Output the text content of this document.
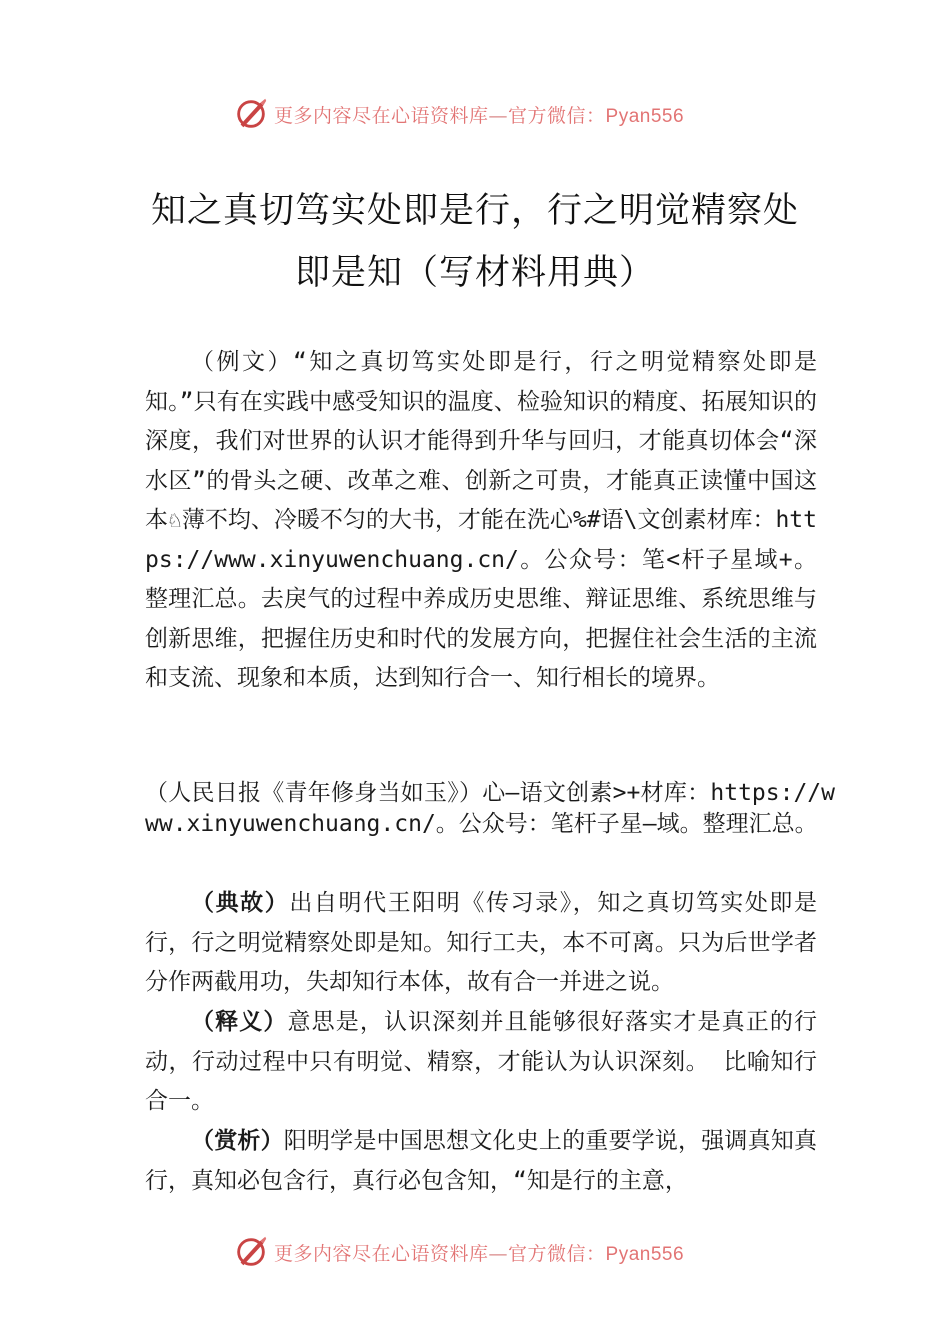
更多内容尽在心语资料库—官方微信：Pyan556
知之真切笃实处即是行，行之明觉精察处
即是知（写材料用典）

（例文）“知之真切笃实处即是行，行之明觉精察处即是知。”只有在实践中感受知识的温度、检验知识的精度、拓展知识的深度，我们对世界的认识才能得到升华与回归，才能真切体会“深水区”的骨头之硬、改革之难、创新之可贵，才能真正读懂中国这本♘薄不均、冷暖不匀的大书，才能在洗心%#语\文创素材库：https://www.xinyuwenchuang.cn/。公众号：笔<杆子星域+。整理汇总。去戾气的过程中养成历史思维、辩证思维、系统思维与创新思维，把握住历史和时代的发展方向，把握住社会生活的主流和支流、现象和本质，达到知行合一、知行相长的境界。

（人民日报《青年修身当如玉》）心—语文创素>+材库：https://www.xinyuwenchuang.cn/。公众号：笔杆子星—域。整理汇总。

（典故）出自明代王阳明《传习录》，知之真切笃实处即是行，行之明觉精察处即是知。知行工夫，本不可离。只为后世学者分作两截用功，失却知行本体，故有合一并进之说。

（释义）意思是，认识深刻并且能够很好落实才是真正的行动，行动过程中只有明觉、精察，才能认为认识深刻。 比喻知行合一。

（赏析）阳明学是中国思想文化史上的重要学说，强调真知真行，真知必包含行，真行必包含知，“知是行的主意，

更多内容尽在心语资料库—官方微信：Pyan556
